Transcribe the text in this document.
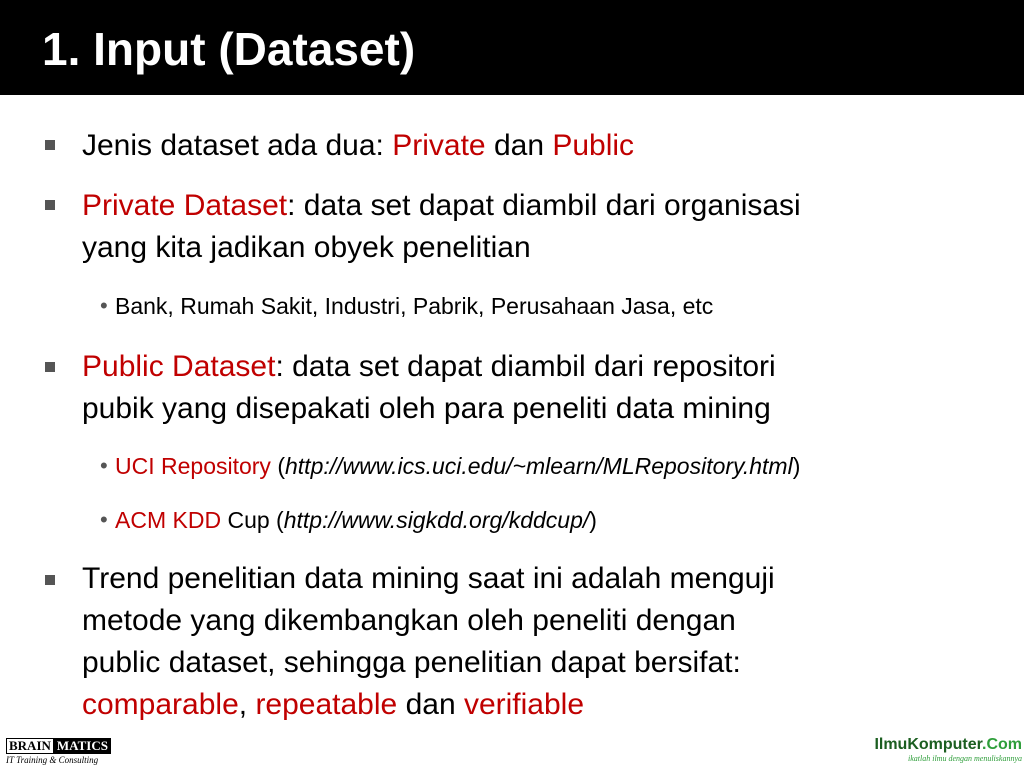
1. Input (Dataset)
Jenis dataset ada dua: Private dan Public
Private Dataset: data set dapat diambil dari organisasi
yang kita jadikan obyek penelitian
• Bank, Rumah Sakit, Industri, Pabrik, Perusahaan Jasa, etc
Public Dataset: data set dapat diambil dari repositori
pubik yang disepakati oleh para peneliti data mining
• UCI Repository (http://www.ics.uci.edu/~mlearn/MLRepository.html)
• ACM KDD Cup (http://www.sigkdd.org/kddcup/)
Trend penelitian data mining saat ini adalah menguji
metode yang dikembangkan oleh peneliti dengan
public dataset, sehingga penelitian dapat bersifat:
comparable, repeatable dan verifiable
BRAIN MATICS
IT Training & Consulting
IlmuKomputer.Com
ikatlah ilmu dengan menuliskannya
